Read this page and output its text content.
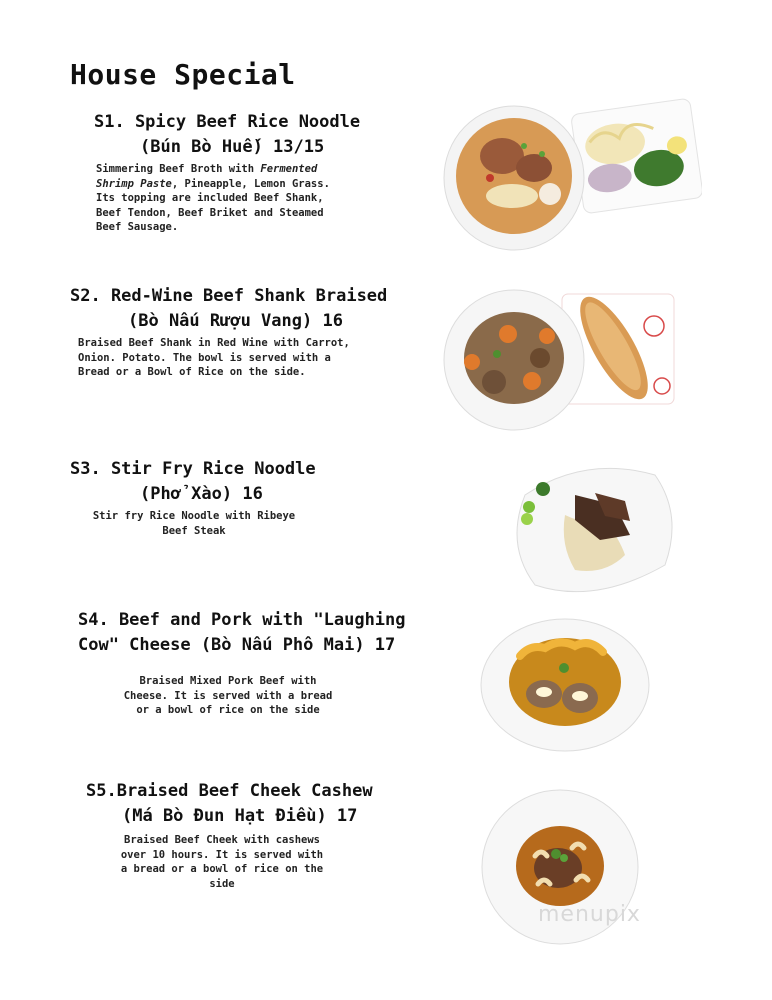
House Special
S1. Spicy Beef Rice Noodle
(Bún Bò Huế) 13/15
Simmering Beef Broth with Fermented
Shrimp Paste, Pineapple, Lemon Grass.
Its topping are included Beef Shank,
Beef Tendon, Beef Briket and Steamed
Beef Sausage.
S2. Red-Wine Beef Shank Braised
(Bò Nấu Rượu Vang) 16
Braised Beef Shank in Red Wine with Carrot,
Onion. Potato. The bowl is served with a
Bread or a Bowl of Rice on the side.
S3. Stir Fry Rice Noodle
(Phở Xào) 16
Stir fry Rice Noodle with Ribeye
Beef Steak
S4. Beef and Pork with "Laughing
Cow" Cheese (Bò Nấu Phô Mai) 17
Braised Mixed Pork Beef with
Cheese. It is served with a bread
or a bowl of rice on the side
S5.Braised Beef Cheek Cashew
(Má Bò Đun Hạt Điều) 17
Braised Beef Cheek with cashews
over 10 hours. It is served with
a bread or a bowl of rice on the
side
menupix
